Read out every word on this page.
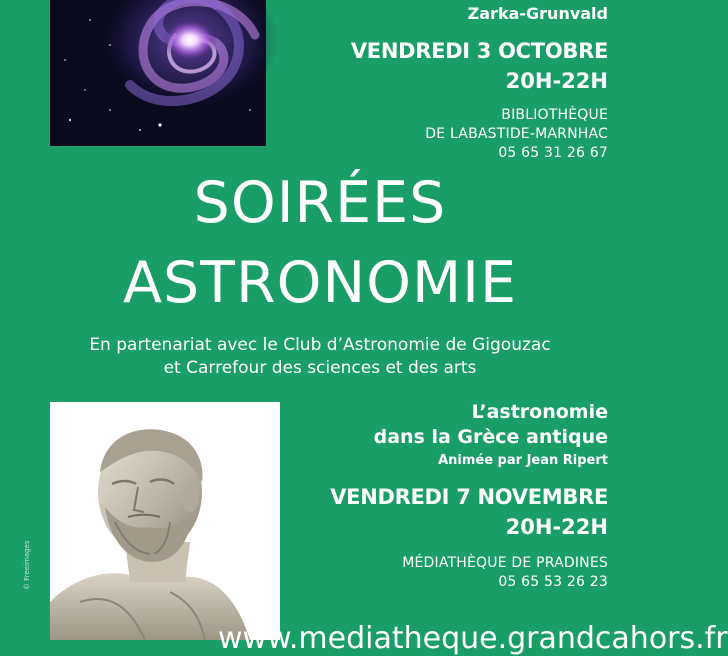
Zarka-Grunvald
VENDREDI 3 OCTOBRE
20H-22H
BIBLIOTHÈQUE
DE LABASTIDE-MARNHAC
05 65 31 26 67
SOIRÉES
ASTRONOMIE
En partenariat avec le Club d’Astronomie de Gigouzac
et Carrefour des sciences et des arts
© Freeimages
L’astronomie
dans la Grèce antique
Animée par Jean Ripert
VENDREDI 7 NOVEMBRE
20H-22H
MÉDIATHÈQUE DE PRADINES
05 65 53 26 23
www.mediatheque.grandcahors.fr
